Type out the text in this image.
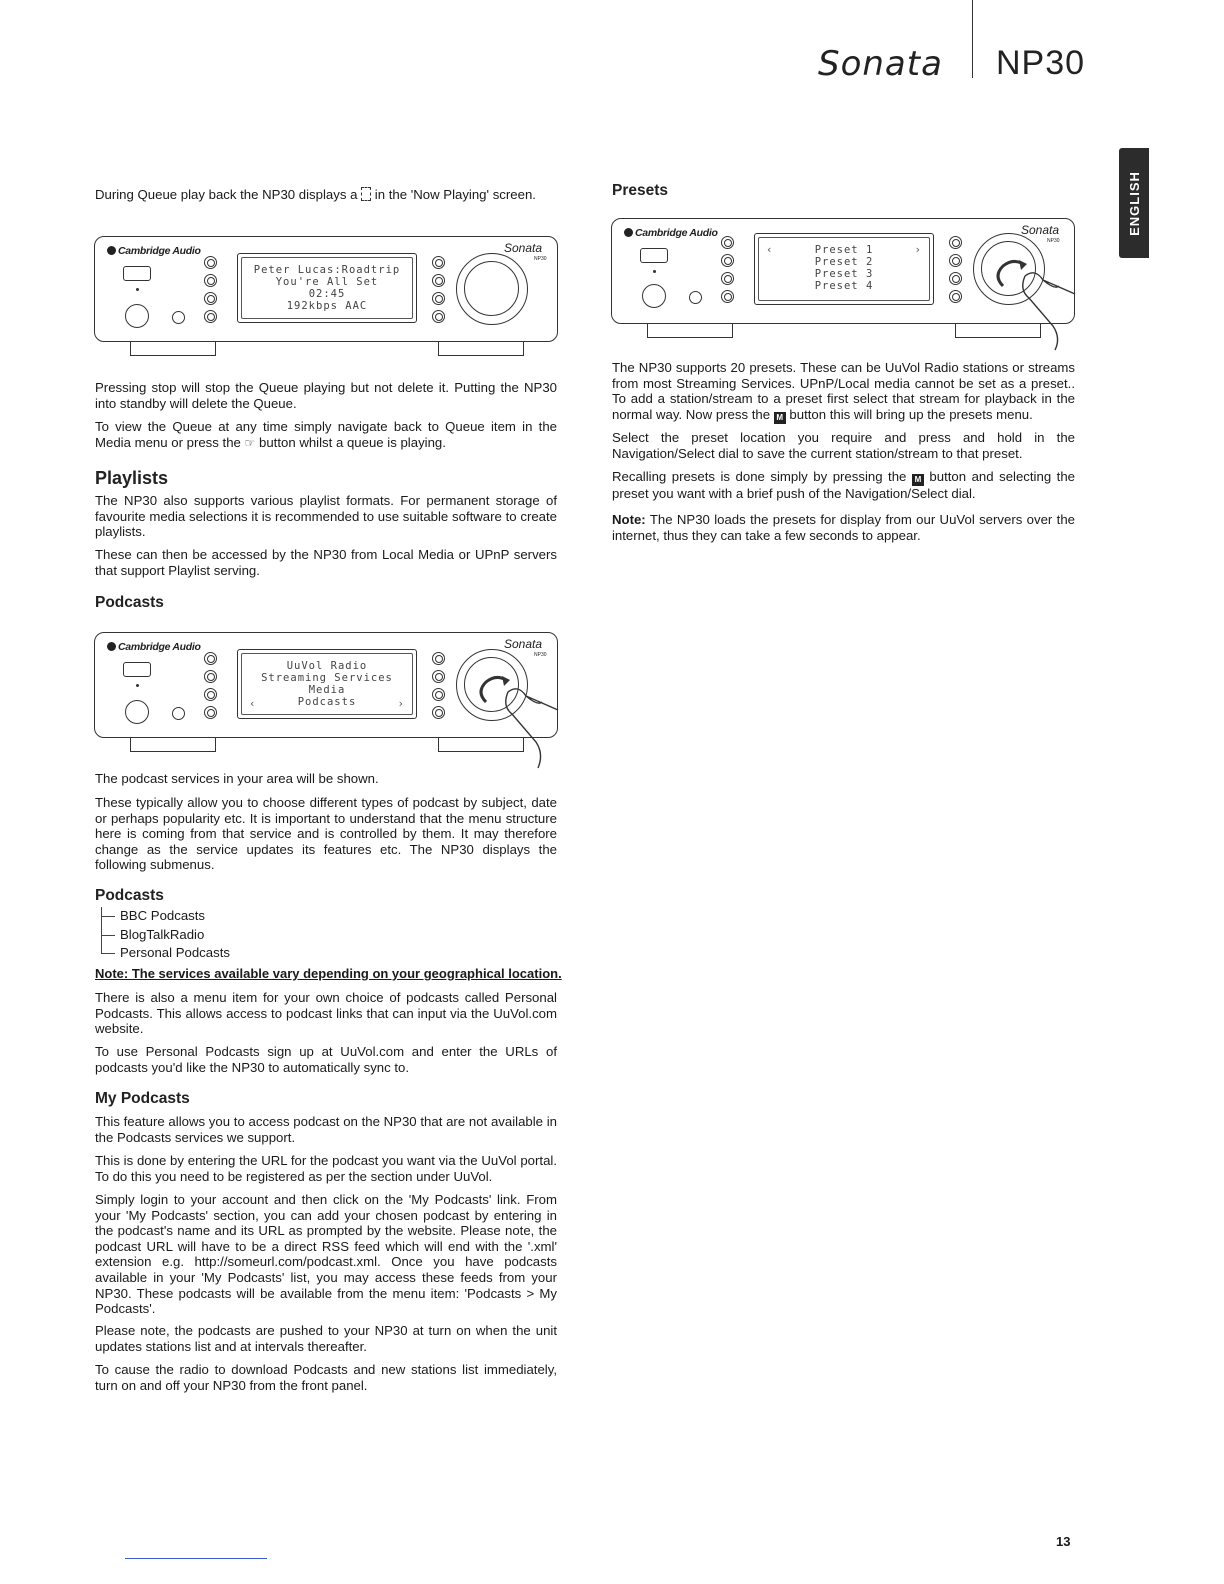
Sonata NP30
ENGLISH

During Queue play back the NP30 displays a in the 'Now Playing' screen.

Cambridge Audio	Sonata
NP30
Peter Lucas:Roadtrip
You're All Set
02:45
192kbps AAC

Pressing stop will stop the Queue playing but not delete it. Putting the NP30 into standby will delete the Queue.

To view the Queue at any time simply navigate back to Queue item in the Media menu or press the ☞ button whilst a queue is playing.

Playlists

The NP30 also supports various playlist formats. For permanent storage of favourite media selections it is recommended to use suitable software to create playlists.

These can then be accessed by the NP30 from Local Media or UPnP servers that support Playlist serving.

Podcasts
Cambridge Audio	Sonata
NP30
UuVol Radio
Streaming Services
Media
Podcasts
‹	›

The podcast services in your area will be shown.

These typically allow you to choose different types of podcast by subject, date or perhaps popularity etc. It is important to understand that the menu structure here is coming from that service and is controlled by them. It may therefore change as the service updates its features etc. The NP30 displays the following submenus.

Podcasts
BBC Podcasts
BlogTalkRadio
Personal Podcasts

Note: The services available vary depending on your geographical location.

There is also a menu item for your own choice of podcasts called Personal Podcasts. This allows access to podcast links that can input via the UuVol.com website.

To use Personal Podcasts sign up at UuVol.com and enter the URLs of podcasts you'd like the NP30 to automatically sync to.

My Podcasts

This feature allows you to access podcast on the NP30 that are not available in the Podcasts services we support.

This is done by entering the URL for the podcast you want via the UuVol portal. To do this you need to be registered as per the section under UuVol.

Simply login to your account and then click on the 'My Podcasts' link. From your 'My Podcasts' section, you can add your chosen podcast by entering in the podcast's name and its URL as prompted by the website. Please note, the podcast URL will have to be a direct RSS feed which will end with the '.xml' extension e.g. http://someurl.com/podcast.xml. Once you have podcasts available in your 'My Podcasts' list, you may access these feeds from your NP30. These podcasts will be available from the menu item: 'Podcasts > My Podcasts'.

Please note, the podcasts are pushed to your NP30 at turn on when the unit updates stations list and at intervals thereafter.

To cause the radio to download Podcasts and new stations list immediately, turn on and off your NP30 from the front panel.

Presets
Cambridge Audio	Sonata
NP30
Preset 1
Preset 2
Preset 3
Preset 4
‹	›

The NP30 supports 20 presets. These can be UuVol Radio stations or streams from most Streaming Services. UPnP/Local media cannot be set as a preset.. To add a station/stream to a preset first select that stream for playback in the normal way. Now press the M button this will bring up the presets menu.

Select the preset location you require and press and hold in the Navigation/Select dial to save the current station/stream to that preset.

Recalling presets is done simply by pressing the M button and selecting the preset you want with a brief push of the Navigation/Select dial.

Note: The NP30 loads the presets for display from our UuVol servers over the internet, thus they can take a few seconds to appear.

13
